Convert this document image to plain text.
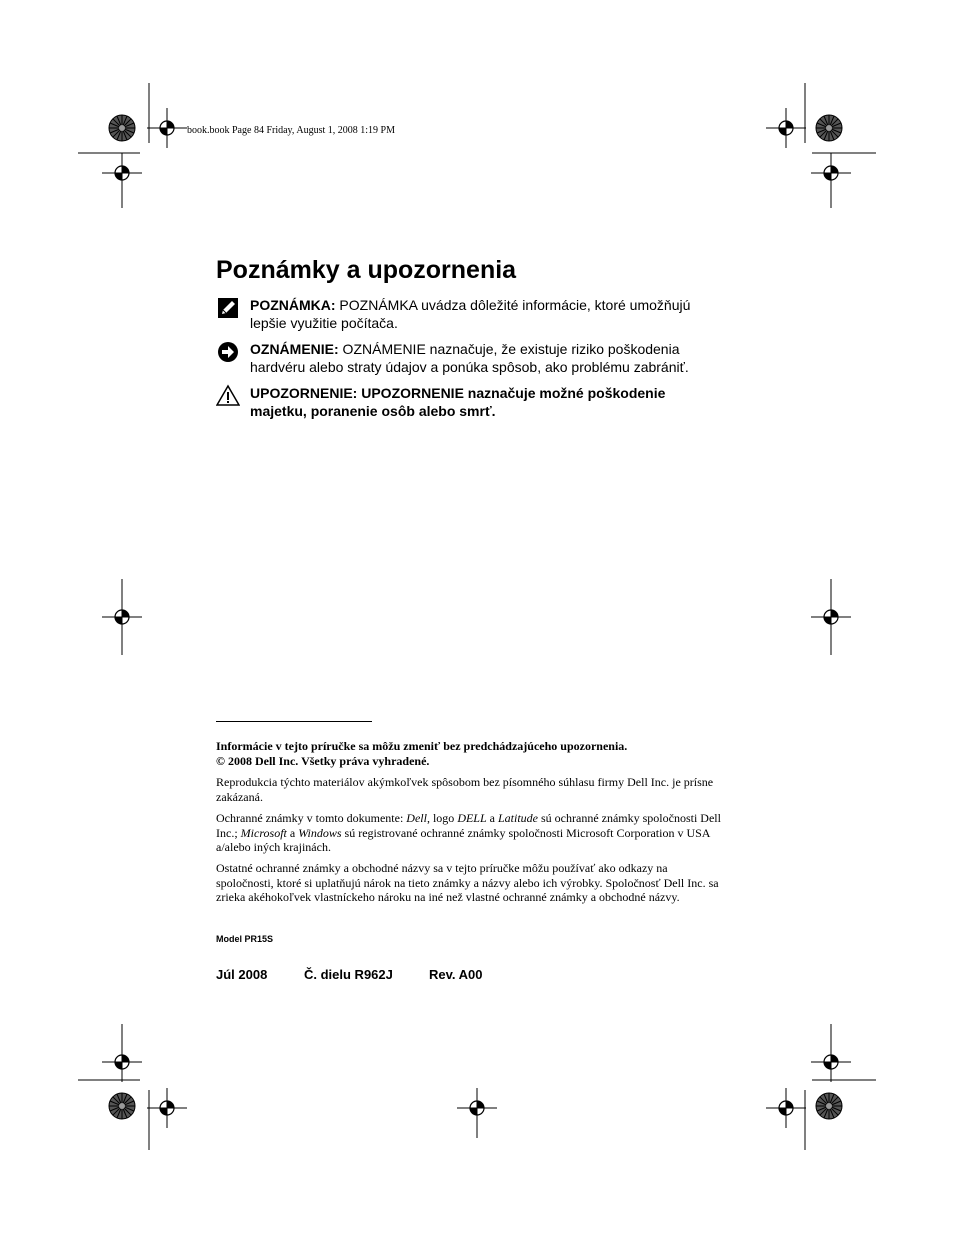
book.book Page 84 Friday, August 1, 2008 1:19 PM
Poznámky a upozornenia
POZNÁMKA: POZNÁMKA uvádza dôležité informácie, ktoré umožňujú lepšie využitie počítača.
OZNÁMENIE: OZNÁMENIE naznačuje, že existuje riziko poškodenia hardvéru alebo straty údajov a ponúka spôsob, ako problému zabrániť.
UPOZORNENIE: UPOZORNENIE naznačuje možné poškodenie majetku, poranenie osôb alebo smrť.

Informácie v tejto príručke sa môžu zmeniť bez predchádzajúceho upozornenia.

© 2008 Dell Inc. Všetky práva vyhradené.

Reprodukcia týchto materiálov akýmkoľvek spôsobom bez písomného súhlasu firmy Dell Inc. je prísne zakázaná.

Ochranné známky v tomto dokumente: Dell, logo DELL a Latitude sú ochranné známky spoločnosti Dell Inc.; Microsoft a Windows sú registrované ochranné známky spoločnosti Microsoft Corporation v USA a/alebo iných krajinách.

Ostatné ochranné známky a obchodné názvy sa v tejto príručke môžu používať ako odkazy na spoločnosti, ktoré si uplatňujú nárok na tieto známky a názvy alebo ich výrobky. Spoločnosť Dell Inc. sa zrieka akéhokoľvek vlastníckeho nároku na iné než vlastné ochranné známky a obchodné názvy.

Model PR15S
Júl 2008	Č. dielu R962J	Rev. A00
